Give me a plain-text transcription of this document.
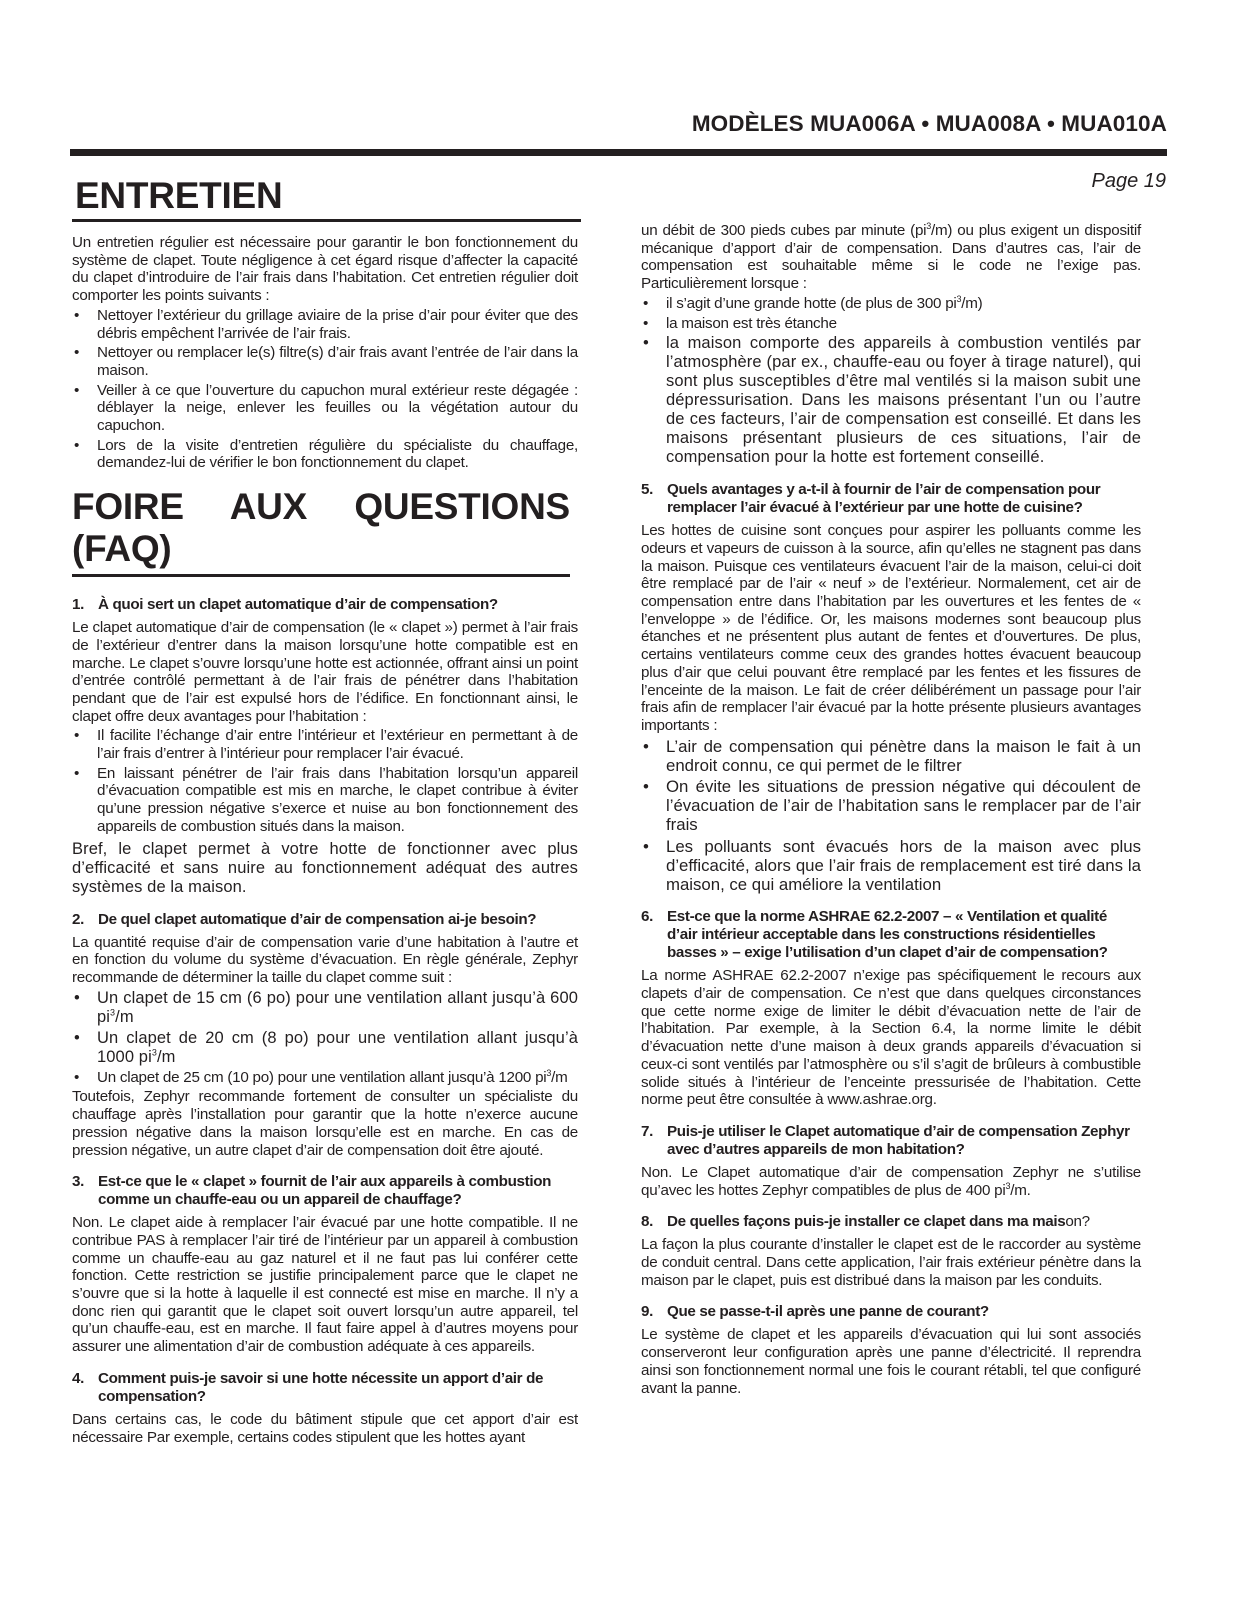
MODÈLES MUA006A • MUA008A • MUA010A
Page 19
ENTRETIEN

Un entretien régulier est nécessaire pour garantir le bon fonctionnement du système de clapet. Toute négligence à cet égard risque d’affecter la capacité du clapet d’introduire de l’air frais dans l’habitation. Cet entretien régulier doit comporter les points suivants :

• Nettoyer l’extérieur du grillage aviaire de la prise d’air pour éviter que des débris empêchent l’arrivée de l’air frais.
• Nettoyer ou remplacer le(s) filtre(s) d’air frais avant l’entrée de l’air dans la maison.
• Veiller à ce que l’ouverture du capuchon mural extérieur reste dégagée : déblayer la neige, enlever les feuilles ou la végétation autour du capuchon.
• Lors de la visite d’entretien régulière du spécialiste du chauffage, demandez-lui de vérifier le bon fonctionnement du clapet.
FOIRE AUX QUESTIONS (FAQ)
1. À quoi sert un clapet automatique d’air de compensation?

Le clapet automatique d’air de compensation (le « clapet ») permet à l’air frais de l’extérieur d’entrer dans la maison lorsqu’une hotte compatible est en marche. Le clapet s’ouvre lorsqu’une hotte est actionnée, offrant ainsi un point d’entrée contrôlé permettant à de l’air frais de pénétrer dans l’habitation pendant que de l’air est expulsé hors de l’édifice. En fonctionnant ainsi, le clapet offre deux avantages pour l’habitation :

• Il facilite l’échange d’air entre l’intérieur et l’extérieur en permettant à de l’air frais d’entrer à l’intérieur pour remplacer l’air évacué.
• En laissant pénétrer de l’air frais dans l’habitation lorsqu’un appareil d’évacuation compatible est mis en marche, le clapet contribue à éviter qu’une pression négative s’exerce et nuise au bon fonctionnement des appareils de combustion situés dans la maison.

Bref, le clapet permet à votre hotte de fonctionner avec plus d’efficacité et sans nuire au fonctionnement adéquat des autres systèmes de la maison.

2. De quel clapet automatique d’air de compensation ai-je besoin?

La quantité requise d’air de compensation varie d’une habitation à l’autre et en fonction du volume du système d’évacuation. En règle générale, Zephyr recommande de déterminer la taille du clapet comme suit :

• Un clapet de 15 cm (6 po) pour une ventilation allant jusqu’à 600 $pi^3/m$
• Un clapet de 20 cm (8 po) pour une ventilation allant jusqu’à 1000 $pi^3/m$
• Un clapet de 25 cm (10 po) pour une ventilation allant jusqu’à 1200 $pi^3/m$

Toutefois, Zephyr recommande fortement de consulter un spécialiste du chauffage après l’installation pour garantir que la hotte n’exerce aucune pression négative dans la maison lorsqu’elle est en marche. En cas de pression négative, un autre clapet d’air de compensation doit être ajouté.

3. Est-ce que le « clapet » fournit de l’air aux appareils à combustion comme un chauffe-eau ou un appareil de chauffage?

Non. Le clapet aide à remplacer l’air évacué par une hotte compatible. Il ne contribue PAS à remplacer l’air tiré de l’intérieur par un appareil à combustion comme un chauffe-eau au gaz naturel et il ne faut pas lui conférer cette fonction. Cette restriction se justifie principalement parce que le clapet ne s’ouvre que si la hotte à laquelle il est connecté est mise en marche. Il n’y a donc rien qui garantit que le clapet soit ouvert lorsqu’un autre appareil, tel qu’un chauffe-eau, est en marche. Il faut faire appel à d’autres moyens pour assurer une alimentation d’air de combustion adéquate à ces appareils.

4. Comment puis-je savoir si une hotte nécessite un apport d’air de compensation?

Dans certains cas, le code du bâtiment stipule que cet apport d’air est nécessaire Par exemple, certains codes stipulent que les hottes ayant

un débit de 300 pieds cubes par minute $(pi^3/m)$ ou plus exigent un dispositif mécanique d’apport d’air de compensation. Dans d’autres cas, l’air de compensation est souhaitable même si le code ne l’exige pas. Particulièrement lorsque :

• il s’agit d’une grande hotte (de plus de 300 $pi^3/m$)
• la maison est très étanche
• la maison comporte des appareils à combustion ventilés par l’atmosphère (par ex., chauffe-eau ou foyer à tirage naturel), qui sont plus susceptibles d’être mal ventilés si la maison subit une dépressurisation. Dans les maisons présentant l’un ou l’autre de ces facteurs, l’air de compensation est conseillé. Et dans les maisons présentant plusieurs de ces situations, l’air de compensation pour la hotte est fortement conseillé.
5. Quels avantages y a-t-il à fournir de l’air de compensation pour remplacer l’air évacué à l’extérieur par une hotte de cuisine?

Les hottes de cuisine sont conçues pour aspirer les polluants comme les odeurs et vapeurs de cuisson à la source, afin qu’elles ne stagnent pas dans la maison. Puisque ces ventilateurs évacuent l’air de la maison, celui-ci doit être remplacé par de l’air « neuf » de l’extérieur. Normalement, cet air de compensation entre dans l’habitation par les ouvertures et les fentes de « l’enveloppe » de l’édifice. Or, les maisons modernes sont beaucoup plus étanches et ne présentent plus autant de fentes et d’ouvertures. De plus, certains ventilateurs comme ceux des grandes hottes évacuent beaucoup plus d’air que celui pouvant être remplacé par les fentes et les fissures de l’enceinte de la maison. Le fait de créer délibérément un passage pour l’air frais afin de remplacer l’air évacué par la hotte présente plusieurs avantages importants :

• L’air de compensation qui pénètre dans la maison le fait à un endroit connu, ce qui permet de le filtrer
• On évite les situations de pression négative qui découlent de l’évacuation de l’air de l’habitation sans le remplacer par de l’air frais
• Les polluants sont évacués hors de la maison avec plus d’efficacité, alors que l’air frais de remplacement est tiré dans la maison, ce qui améliore la ventilation
6. Est-ce que la norme ASHRAE 62.2-2007 – « Ventilation et qualité d’air intérieur acceptable dans les constructions résidentielles basses » – exige l’utilisation d’un clapet d’air de compensation?

La norme ASHRAE 62.2-2007 n’exige pas spécifiquement le recours aux clapets d’air de compensation. Ce n’est que dans quelques circonstances que cette norme exige de limiter le débit d’évacuation nette de l’air de l’habitation. Par exemple, à la Section 6.4, la norme limite le débit d’évacuation nette d’une maison à deux grands appareils d’évacuation si ceux-ci sont ventilés par l’atmosphère ou s’il s’agit de brûleurs à combustible solide situés à l’intérieur de l’enceinte pressurisée de l’habitation. Cette norme peut être consultée à www.ashrae.org.

7. Puis-je utiliser le Clapet automatique d’air de compensation Zephyr avec d’autres appareils de mon habitation?

Non. Le Clapet automatique d’air de compensation Zephyr ne s’utilise qu’avec les hottes Zephyr compatibles de plus de 400 $pi^3/m$.

8. De quelles façons puis-je installer ce clapet dans ma maison?

La façon la plus courante d’installer le clapet est de le raccorder au système de conduit central. Dans cette application, l’air frais extérieur pénètre dans la maison par le clapet, puis est distribué dans la maison par les conduits.

9. Que se passe-t-il après une panne de courant?

Le système de clapet et les appareils d’évacuation qui lui sont associés conserveront leur configuration après une panne d’électricité. Il reprendra ainsi son fonctionnement normal une fois le courant rétabli, tel que configuré avant la panne.
